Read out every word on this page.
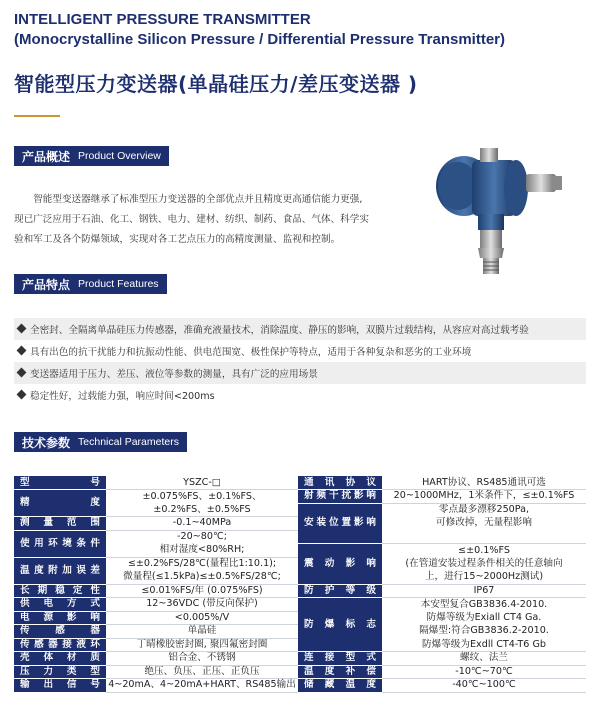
INTELLIGENT PRESSURE TRANSMITTER
(Monocrystalline Silicon Pressure / Differential Pressure Transmitter)
智能型压力变送器(单晶硅压力/差压变送器 )
产品概述 Product Overview

智能型变送器继承了标准型压力变送器的全部优点并且精度更高通信能力更强,

现已广泛应用于石油、化工、钢铁、电力、建材、纺织、制药、食品、气体、科学实
验和军工及各个防爆领域，实现对各工艺点压力的高精度测量、监视和控制。
产品特点 Product Features
全密封、全隔离单晶硅压力传感器，准确充液量技术，消除温度、静压的影响，双膜片过载结构，从容应对高过载考验
具有出色的抗干扰能力和抗振动性能、供电范围宽、极性保护等特点，适用于各种复杂和恶劣的工业环境
变送器适用于压力、差压、液位等参数的测量，具有广泛的应用场景
稳定性好，过载能力强，响应时间<200ms
技术参数 Technical Parameters
型号	YSZC-□	通讯协议	HART协议、RS485通讯可选
精度	±0.075%FS、±0.1%FS、	射频干扰影响	20~1000MHz，1米条件下，≤±0.1%FS
	±0.2%FS、±0.5%FS	安装位置影响	零点最多漂移250Pa,
测量范围	-0.1~40MPa		可修改掉，无量程影响
使用环境条件	-20~80℃;		
	相对湿度<80%RH;	震动影响	≤±0.1%FS
温度附加误差	≤±0.2%FS/28℃(量程比1:10.1);		(在管道安装过程条件相关的任意轴向
	微量程(≤1.5kPa)≤±0.5%FS/28℃;		上，进行15~2000Hz测试)
长期稳定性	≤0.01%FS/年 (0.075%FS)	防护等级	IP67
供电方式	12~36VDC (带反向保护)	防爆标志	本安型复合GB3836.4-2010.
电源影响	<0.005%/V		防爆等级为Exiall CT4 Ga.
传感器	单晶硅		隔爆型:符合GB3836.2-2010.
传感器接液环	丁晴橡胶密封圈, 聚四氟密封圈		防爆等级为Exdll CT4-T6 Gb
壳体材质	铝合金、不锈钢	连接型式	螺纹、法兰
压力类型	绝压、负压、正压、正负压	温度补偿	-10℃~70℃
输出信号	4~20mA、4~20mA+HART、RS485输出	储藏温度	-40℃~100℃
